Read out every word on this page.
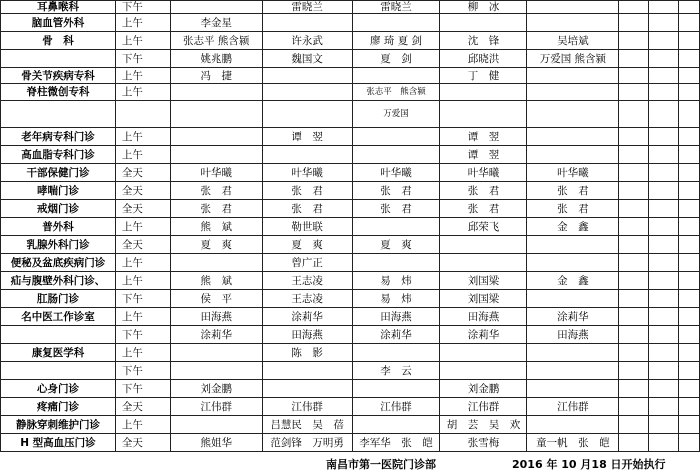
耳鼻喉科	下午		雷晓兰	雷晓兰	柳　冰				
脑血管外科	上午	李金星							
骨　科	上午	张志平 熊含颍	许永武	廖 琦 夏 剑	沈　锋	吴培斌			
	下午	姚兆鹏	魏国文	夏　剑	邱晓洪	万爱国 熊含颍			
骨关节疾病专科	上午	冯　捷			丁　健				
脊柱微创专科	上午			张志平　熊含颍					
				万爱国					
老年病专科门诊	上午		谭　翌		谭　翌				
高血脂专科门诊	上午				谭　翌				
干部保健门诊	全天	叶华曦	叶华曦	叶华曦	叶华曦	叶华曦			
哮喘门诊	全天	张　君	张　君	张　君	张　君	张　君			
戒烟门诊	全天	张　君	张　君	张　君	张　君	张　君			
普外科	上午	熊　斌	勒世联		邱荣飞	金　鑫			
乳腺外科门诊	全天	夏　爽	夏　爽	夏　爽					
便秘及盆底疾病门诊	上午		曾广正						
疝与腹壁外科门诊、	上午	熊　斌	王志凌	易　炜	刘国梁	金　鑫			
肛肠门诊	下午	侯　平	王志凌	易　炜	刘国梁				
名中医工作诊室	上午	田海燕	涂莉华	田海燕	田海燕	涂莉华			
	下午	涂莉华	田海燕	涂莉华	涂莉华	田海燕			
康复医学科	上午		陈　影						
	下午			李　云					
心身门诊	下午	刘金鹏			刘金鹏				
疼痛门诊	全天	江伟群	江伟群	江伟群	江伟群	江伟群			
静脉穿刺维护门诊	上午		吕慧民　吴　蓓		胡　芸　吴　欢				
H 型高血压门诊	全天	熊姐华	范剑锋　万明勇	李军华　张　皑	张雪梅	童一帆　张　皑			
南昌市第一医院门诊部	2016 年 10 月18 日开始执行
